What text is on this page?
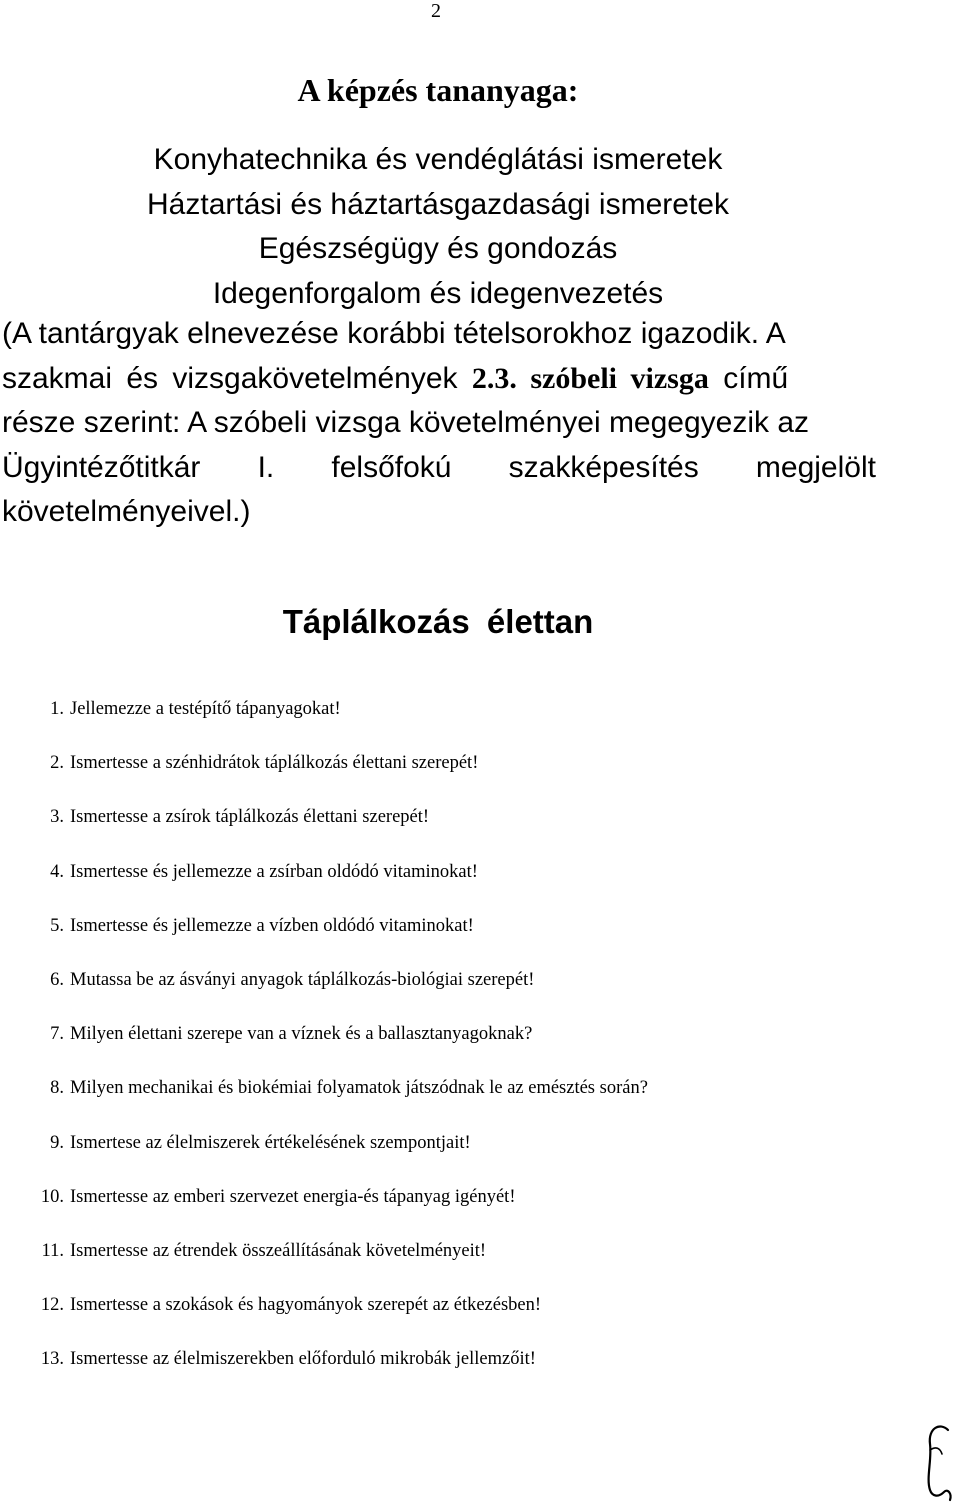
2
A képzés tananyaga:
Konyhatechnika és vendéglátási ismeretek
Háztartási és háztartásgazdasági ismeretek
Egészségügy és gondozás
Idegenforgalom és idegenvezetés
(A tantárgyak elnevezése korábbi tételsorokhoz igazodik. A
szakmai és vizsgakövetelmények 2.3. szóbeli vizsga című
része szerint: A szóbeli vizsga követelményei megegyezik az
Ügyintézőtitkár I. felsőfokú szakképesítés megjelölt
követelményeivel.)
Táplálkozás élettan
1. Jellemezze a testépítő tápanyagokat!
2. Ismertesse a szénhidrátok táplálkozás élettani szerepét!
3. Ismertesse a zsírok táplálkozás élettani szerepét!
4. Ismertesse és jellemezze a zsírban oldódó vitaminokat!
5. Ismertesse és jellemezze a vízben oldódó vitaminokat!
6. Mutassa be az ásványi anyagok táplálkozás-biológiai szerepét!
7. Milyen élettani szerepe van a víznek és a ballasztanyagoknak?
8. Milyen mechanikai és biokémiai folyamatok játszódnak le az emésztés során?
9. Ismertese az élelmiszerek értékelésének szempontjait!
10. Ismertesse az emberi szervezet energia-és tápanyag igényét!
11. Ismertesse az étrendek összeállításának követelményeit!
12. Ismertesse a szokások és hagyományok szerepét az étkezésben!
13. Ismertesse az élelmiszerekben előforduló mikrobák jellemzőit!
